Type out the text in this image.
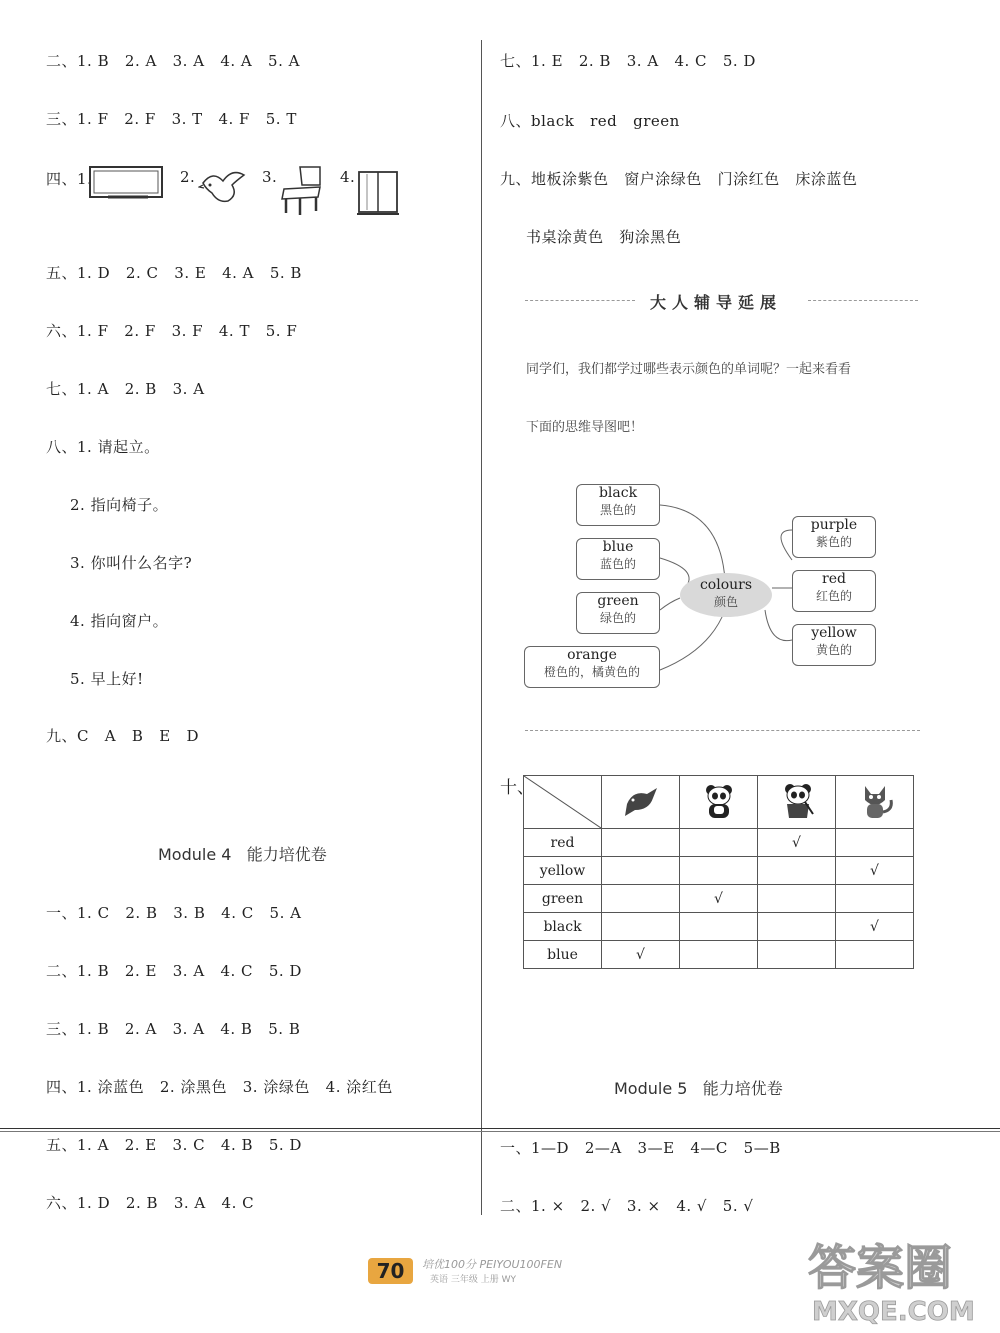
二、1. B   2. A   3. A   4. A   5. A
三、1. F   2. F   3. T   4. F   5. T
四、1.	2.	3.	4.
五、1. D   2. C   3. E   4. A   5. B
六、1. F   2. F   3. F   4. T   5. F
七、1. A   2. B   3. A
八、1. 请起立。
2. 指向椅子。
3. 你叫什么名字?
4. 指向窗户。
5. 早上好!
九、C   A   B   E   D
Module 4   能力培优卷
一、1. C   2. B   3. B   4. C   5. A
二、1. B   2. E   3. A   4. C   5. D
三、1. B   2. A   3. A   4. B   5. B
四、1. 涂蓝色   2. 涂黑色   3. 涂绿色   4. 涂红色
五、1. A   2. E   3. C   4. B   5. D
六、1. D   2. B   3. A   4. C
七、1. E   2. B   3. A   4. C   5. D
八、black   red   green
九、地板涂紫色   窗户涂绿色   门涂红色   床涂蓝色
书桌涂黄色   狗涂黑色
大人辅导延展
同学们，我们都学过哪些表示颜色的单词呢？一起来看看
下面的思维导图吧！
black
黑色的
blue
蓝色的
green
绿色的
orange
橙色的，橘黄色的
colours
颜色
purple
紫色的
red
红色的
yellow
黄色的
十、

red			√	
yellow				√
green		√		
black				√
blue	√			
Module 5   能力培优卷
一、1—D   2—A   3—E   4—C   5—B
二、1. ×   2. √   3. ×   4. √   5. √
70	培优100分 PEIYOU100FEN
英语 三年级 上册 WY	答案圈
MXQE.COM
